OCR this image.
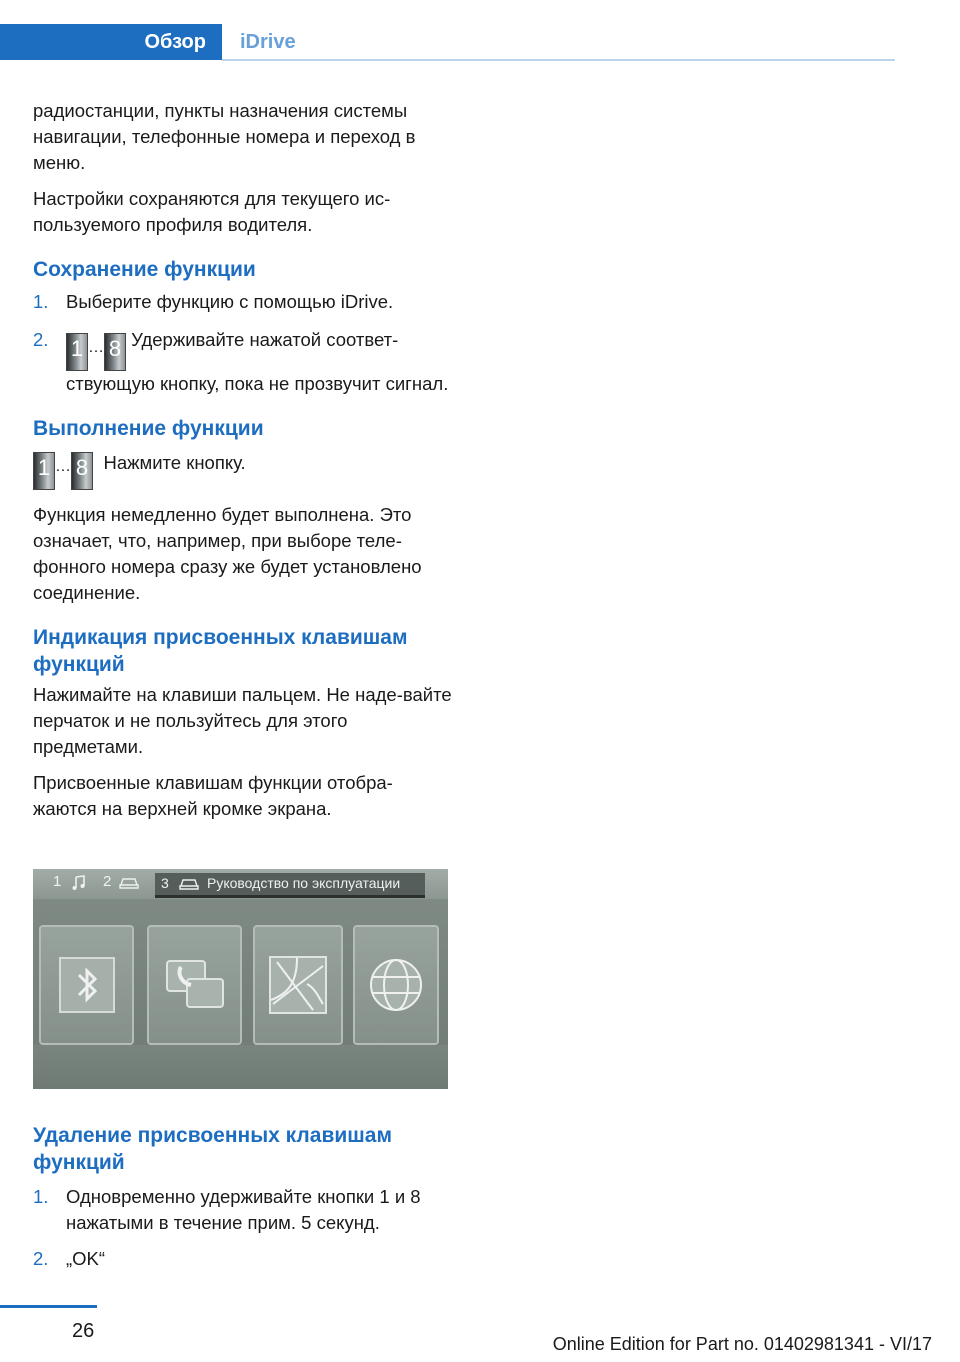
Обзор	iDrive

радиостанции, пункты назначения системы навигации, телефонные номера и переход в меню.

Настройки сохраняются для текущего ис‐пользуемого профиля водителя.

Сохранение функции
1. Выберите функцию с помощью iDrive.
2. 1 … 8 Удерживайте нажатой соответ‐ствующую кнопку, пока не прозвучит сигнал.
Выполнение функции
1 … 8 Нажмите кнопку.

Функция немедленно будет выполнена. Это означает, что, например, при выборе теле‐фонного номера сразу же будет установлено соединение.

Индикация присвоенных клавишам функций

Нажимайте на клавиши пальцем. Не наде‐вайте перчаток и не пользуйтесь для этого предметами.

Присвоенные клавишам функции отобра‐жаются на верхней кромке экрана.

1	2	3	Руководство по эксплуатации
Удаление присвоенных клавишам функций
1. Одновременно удерживайте кнопки 1 и 8 нажатыми в течение прим. 5 секунд.
2. „OK“
26
Online Edition for Part no. 01402981341 - VI/17
